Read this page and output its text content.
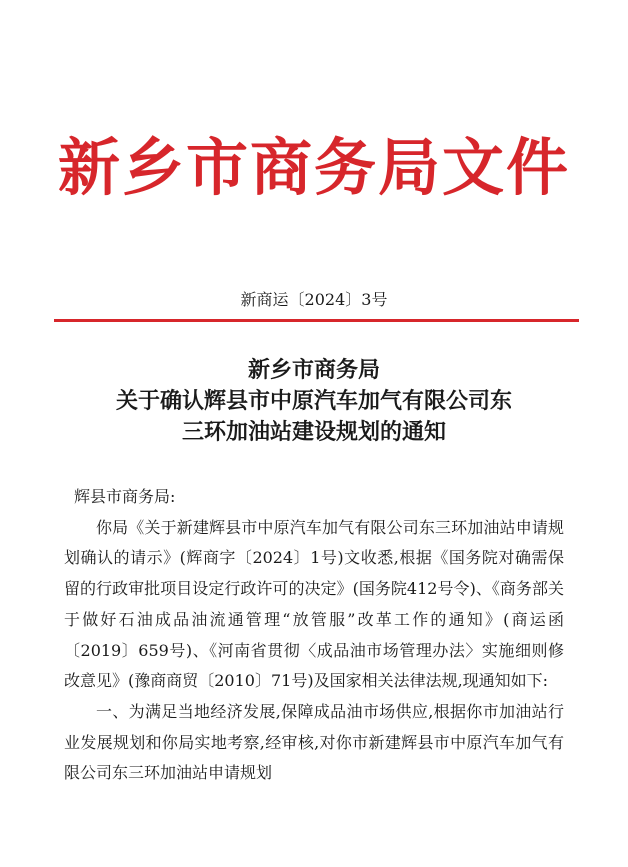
新乡市商务局文件
新商运〔2024〕3号
新乡市商务局
关于确认辉县市中原汽车加气有限公司东
三环加油站建设规划的通知

辉县市商务局:

你局《关于新建辉县市中原汽车加气有限公司东三环加油站申请规划确认的请示》(辉商字〔2024〕1号)文收悉,根据《国务院对确需保留的行政审批项目设定行政许可的决定》(国务院412号令)、《商务部关于做好石油成品油流通管理“放管服”改革工作的通知》(商运函〔2019〕659号)、《河南省贯彻〈成品油市场管理办法〉实施细则修改意见》(豫商商贸〔2010〕71号)及国家相关法律法规,现通知如下:

一、为满足当地经济发展,保障成品油市场供应,根据你市加油站行业发展规划和你局实地考察,经审核,对你市新建辉县市中原汽车加气有限公司东三环加油站申请规划
